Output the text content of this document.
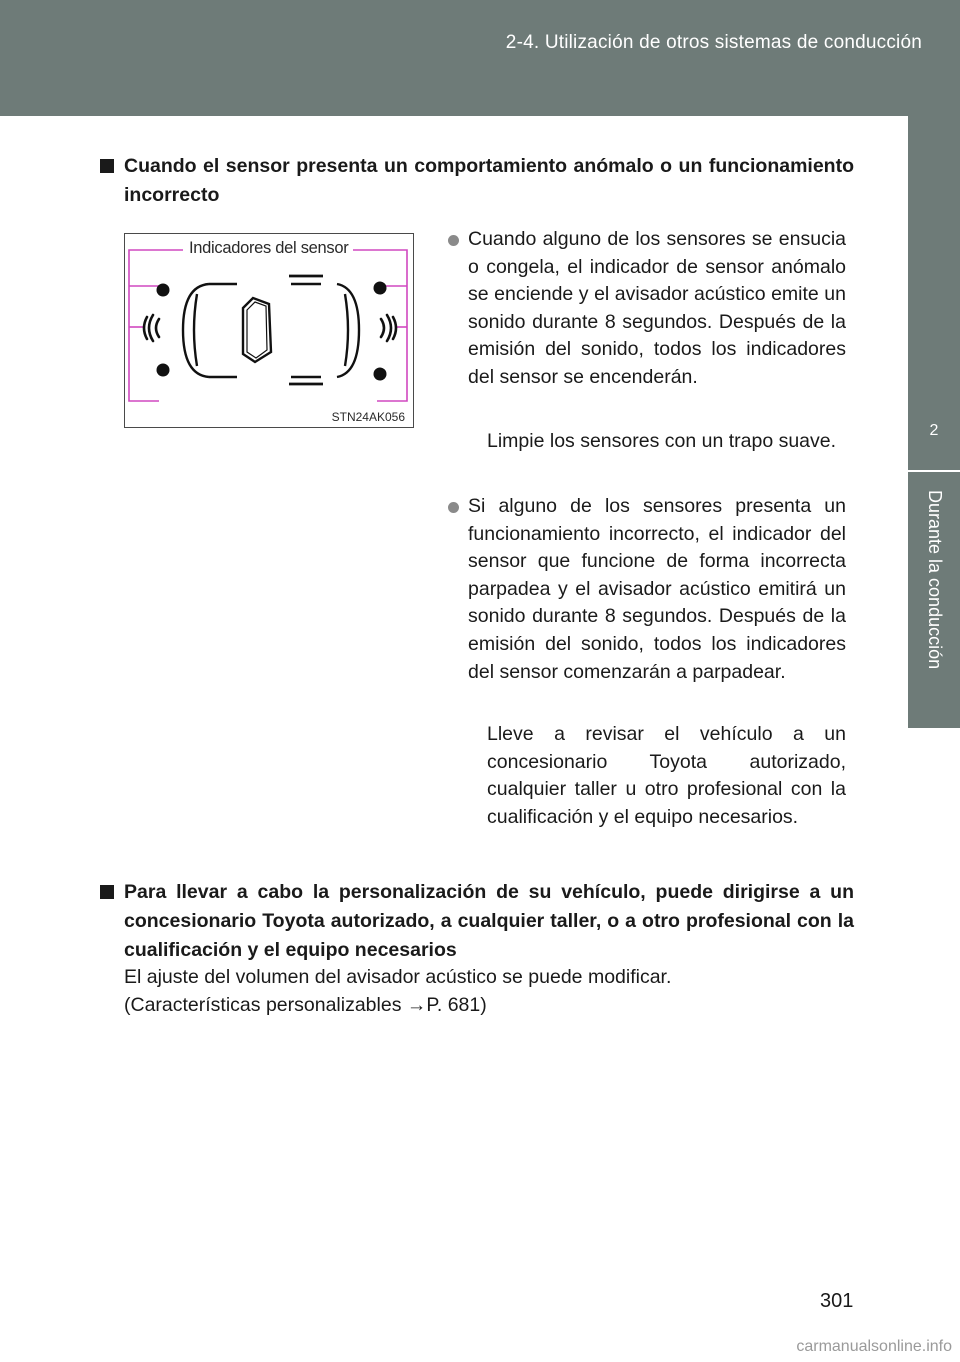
2-4. Utilización de otros sistemas de conducción
2
Durante la conducción
Cuando el sensor presenta un comportamiento anómalo o un funcionamiento incorrecto
Indicadores del sensor
STN24AK056
Cuando alguno de los sensores se ensucia o congela, el indicador de sensor anómalo se enciende y el avisador acústico emite un sonido durante 8 segundos. Después de la emisión del sonido, todos los indicadores del sensor se encenderán.
Limpie los sensores con un trapo suave.
Si alguno de los sensores presenta un funcionamiento incorrecto, el indicador del sensor que funcione de forma incorrecta parpadea y el avisador acústico emitirá un sonido durante 8 segundos. Después de la emisión del sonido, todos los indicadores del sensor comenzarán a parpadear.
Lleve a revisar el vehículo a un concesionario Toyota autorizado, cualquier taller u otro profesional con la cualificación y el equipo necesarios.
Para llevar a cabo la personalización de su vehículo, puede dirigirse a un concesionario Toyota autorizado, a cualquier taller, o a otro profesional con la cualificación y el equipo necesarios
El ajuste del volumen del avisador acústico se puede modificar.
(Características personalizables →P. 681)
301
carmanualsonline.info
